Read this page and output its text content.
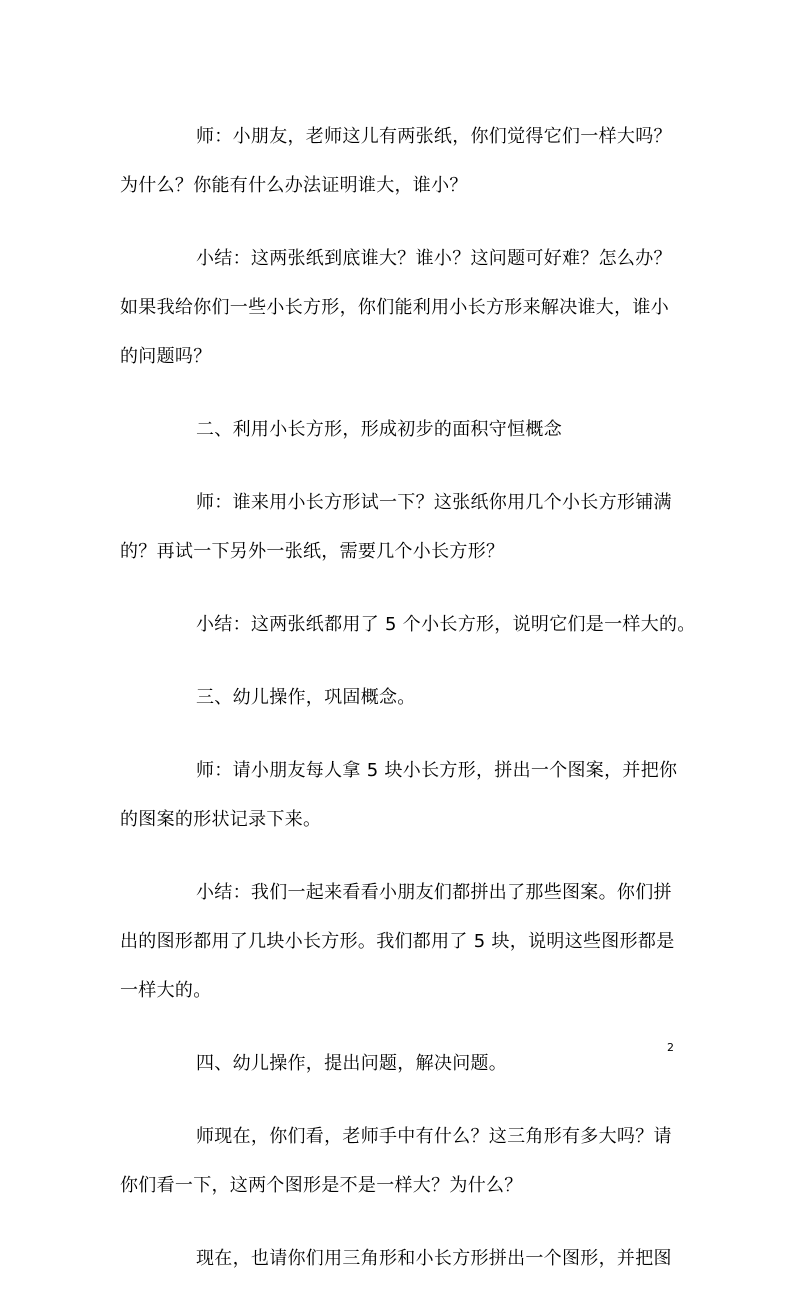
师：小朋友，老师这儿有两张纸，你们觉得它们一样大吗？
为什么？你能有什么办法证明谁大，谁小？

小结：这两张纸到底谁大？谁小？这问题可好难？怎么办？
如果我给你们一些小长方形，你们能利用小长方形来解决谁大，谁小
的问题吗？

二、利用小长方形，形成初步的面积守恒概念

师：谁来用小长方形试一下？这张纸你用几个小长方形铺满
的？再试一下另外一张纸，需要几个小长方形？

小结：这两张纸都用了 5 个小长方形，说明它们是一样大的。

三、幼儿操作，巩固概念。

师：请小朋友每人拿 5 块小长方形，拼出一个图案，并把你
的图案的形状记录下来。

小结：我们一起来看看小朋友们都拼出了那些图案。你们拼
出的图形都用了几块小长方形。我们都用了 5 块，说明这些图形都是
一样大的。

四、幼儿操作，提出问题，解决问题。

师现在，你们看，老师手中有什么？这三角形有多大吗？请
你们看一下，这两个图形是不是一样大？为什么？

现在，也请你们用三角形和小长方形拼出一个图形，并把图

2
